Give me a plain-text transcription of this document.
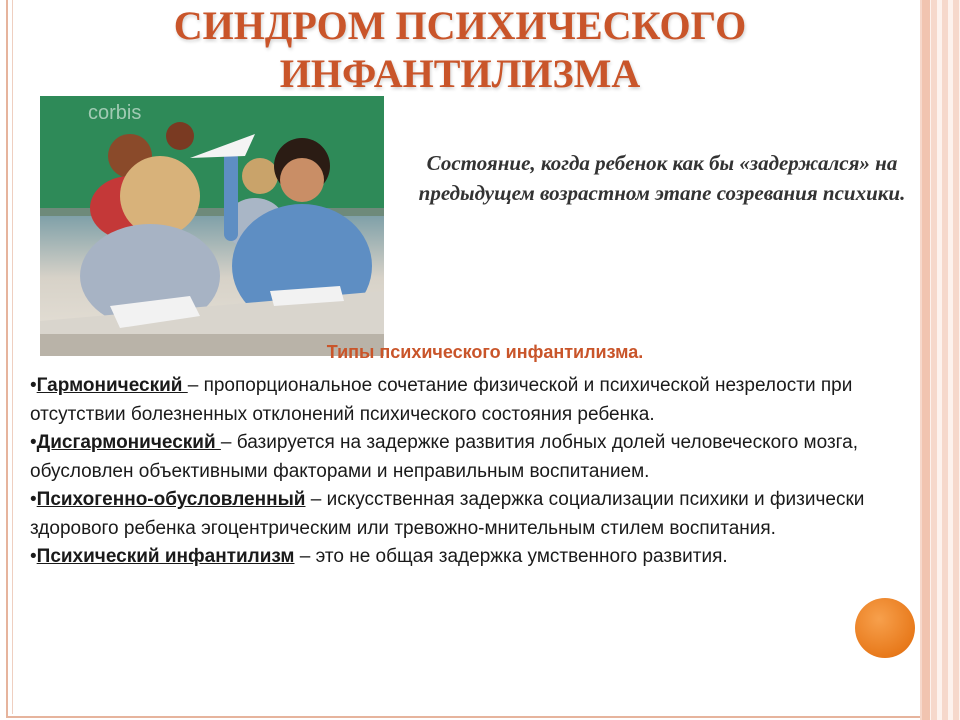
СИНДРОМ ПСИХИЧЕСКОГО
ИНФАНТИЛИЗМА
corbis
Состояние, когда ребенок как бы «задержался» на предыдущем возрастном этапе созревания психики.
Типы психического инфантилизма.

•Гармонический – пропорциональное сочетание физической и психической незрелости при отсутствии болезненных отклонений психического состояния ребенка.

•Дисгармонический – базируется на задержке развития лобных долей человеческого мозга, обусловлен объективными факторами и неправильным воспитанием.

•Психогенно-обусловленный – искусственная задержка социализации психики и физически здорового ребенка эгоцентрическим или тревожно-мнительным стилем воспитания.

•Психический инфантилизм – это не общая задержка умственного развития.
